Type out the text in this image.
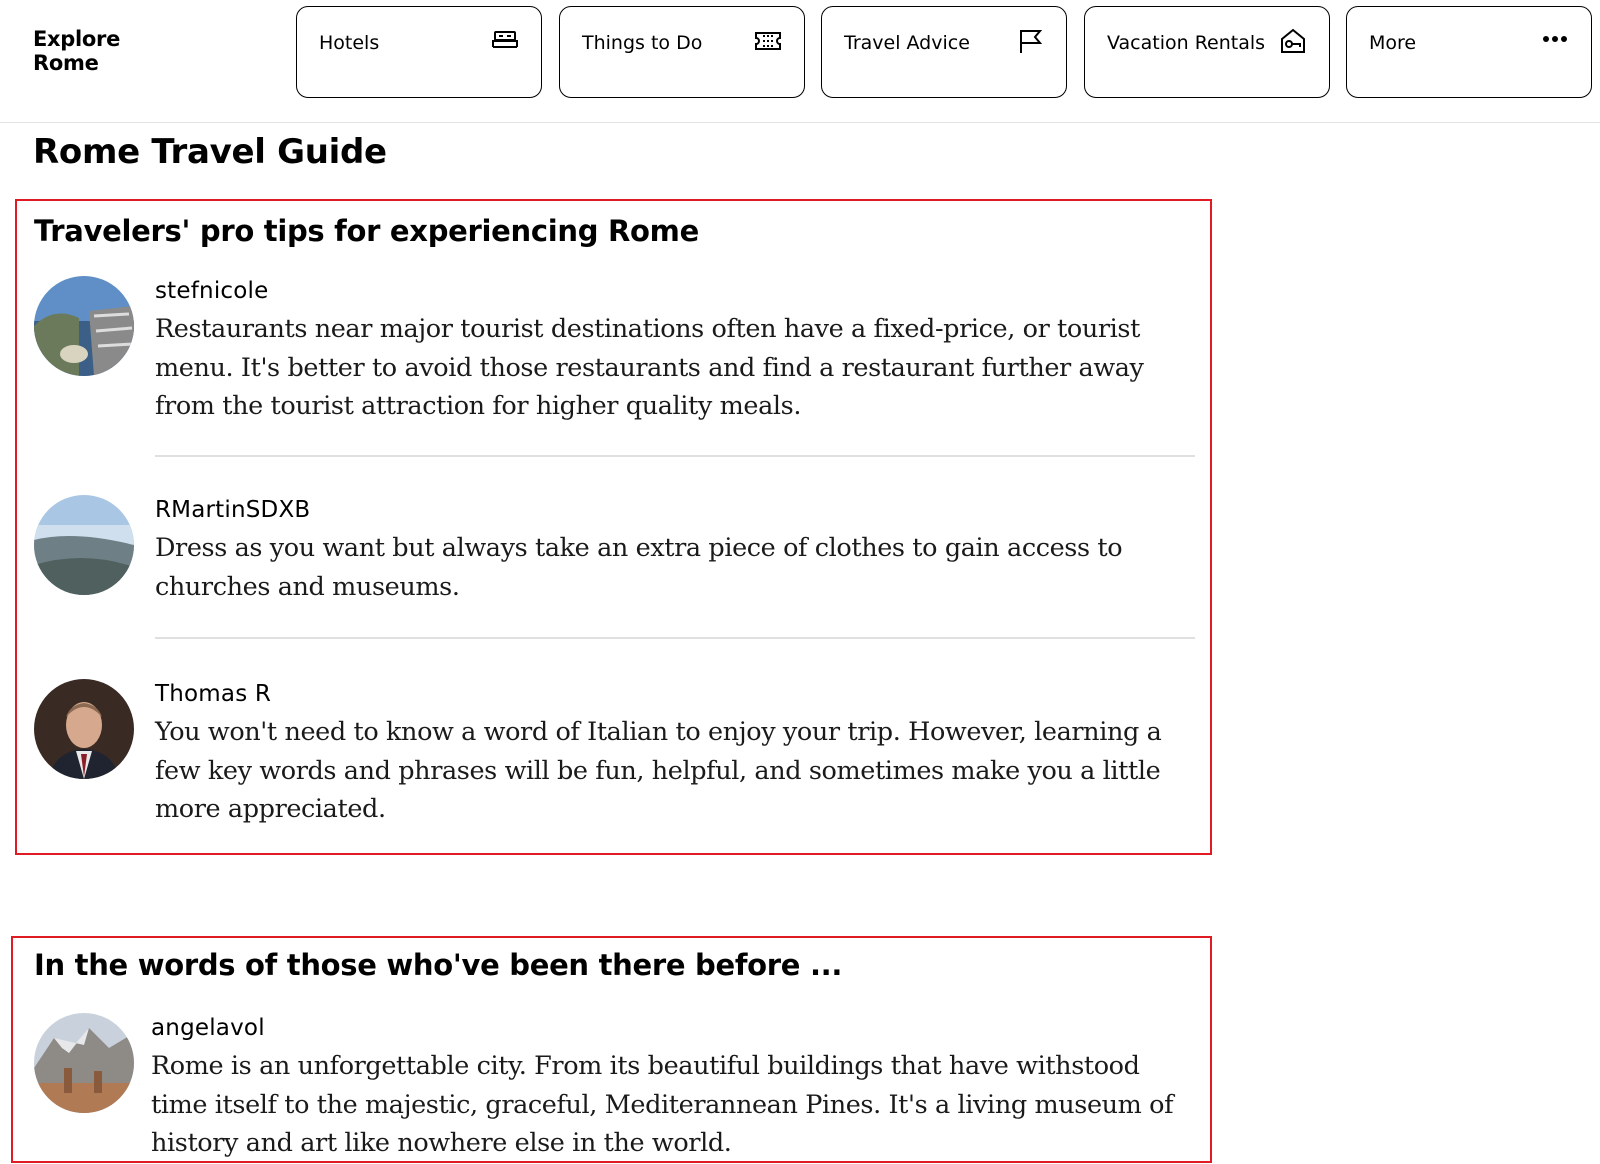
Explore
Rome
Hotels	Things to Do	Travel Advice	Vacation Rentals	More
Rome Travel Guide
Travelers' pro tips for experiencing Rome
stefnicole
Restaurants near major tourist destinations often have a fixed-price, or tourist menu. It's better to avoid those restaurants and find a restaurant further away from the tourist attraction for higher quality meals.
RMartinSDXB
Dress as you want but always take an extra piece of clothes to gain access to churches and museums.
Thomas R
You won't need to know a word of Italian to enjoy your trip. However, learning a few key words and phrases will be fun, helpful, and sometimes make you a little more appreciated.
In the words of those who've been there before ...
angelavol
Rome is an unforgettable city. From its beautiful buildings that have withstood time itself to the majestic, graceful, Mediterannean Pines. It's a living museum of history and art like nowhere else in the world.
